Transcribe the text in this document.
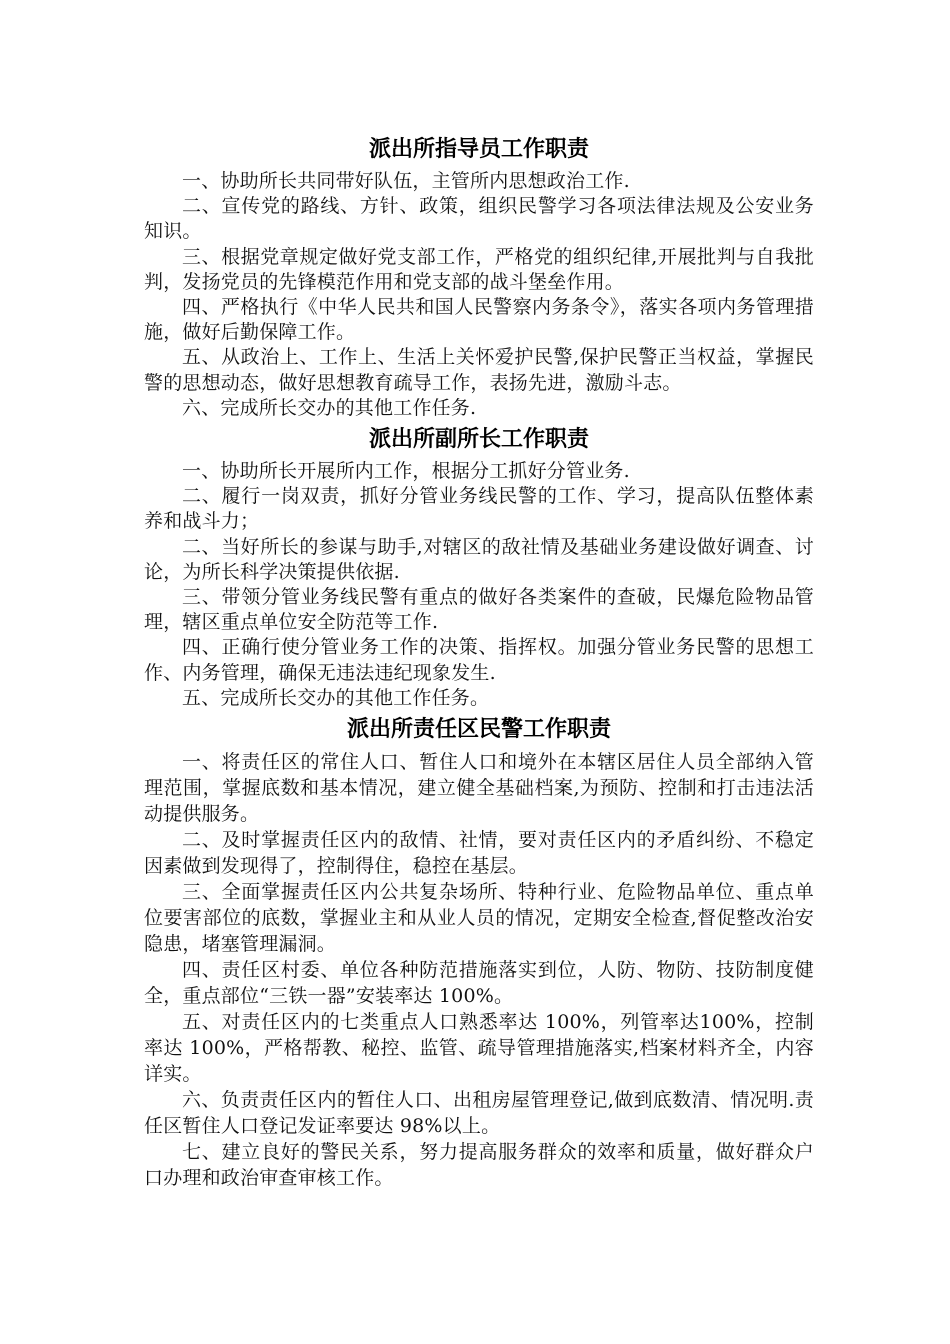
派出所指导员工作职责

一、协助所长共同带好队伍，主管所内思想政治工作.

二、宣传党的路线、方针、政策，组织民警学习各项法律法规及公安业务知识。

三、根据党章规定做好党支部工作，严格党的组织纪律,开展批判与自我批判，发扬党员的先锋模范作用和党支部的战斗堡垒作用。

四、严格执行《中华人民共和国人民警察内务条令》，落实各项内务管理措施，做好后勤保障工作。

五、从政治上、工作上、生活上关怀爱护民警,保护民警正当权益，掌握民警的思想动态，做好思想教育疏导工作，表扬先进，激励斗志。

六、完成所长交办的其他工作任务.

派出所副所长工作职责

一、协助所长开展所内工作，根据分工抓好分管业务.

二、履行一岗双责，抓好分管业务线民警的工作、学习，提高队伍整体素养和战斗力；

二、当好所长的参谋与助手,对辖区的敌社情及基础业务建设做好调查、讨论，为所长科学决策提供依据.

三、带领分管业务线民警有重点的做好各类案件的查破，民爆危险物品管理，辖区重点单位安全防范等工作.

四、正确行使分管业务工作的决策、指挥权。加强分管业务民警的思想工作、内务管理，确保无违法违纪现象发生.

五、完成所长交办的其他工作任务。

派出所责任区民警工作职责

一、将责任区的常住人口、暂住人口和境外在本辖区居住人员全部纳入管理范围，掌握底数和基本情况，建立健全基础档案,为预防、控制和打击违法活动提供服务。

二、及时掌握责任区内的敌情、社情，要对责任区内的矛盾纠纷、不稳定因素做到发现得了，控制得住，稳控在基层。

三、全面掌握责任区内公共复杂场所、特种行业、危险物品单位、重点单位要害部位的底数，掌握业主和从业人员的情况，定期安全检查,督促整改治安隐患，堵塞管理漏洞。

四、责任区村委、单位各种防范措施落实到位，人防、物防、技防制度健全，重点部位“三铁一器”安装率达 100%。

五、对责任区内的七类重点人口熟悉率达 100%，列管率达100%，控制率达 100%，严格帮教、秘控、监管、疏导管理措施落实,档案材料齐全，内容详实。

六、负责责任区内的暂住人口、出租房屋管理登记,做到底数清、情况明.责任区暂住人口登记发证率要达 98%以上。

七、建立良好的警民关系，努力提高服务群众的效率和质量，做好群众户口办理和政治审查审核工作。
